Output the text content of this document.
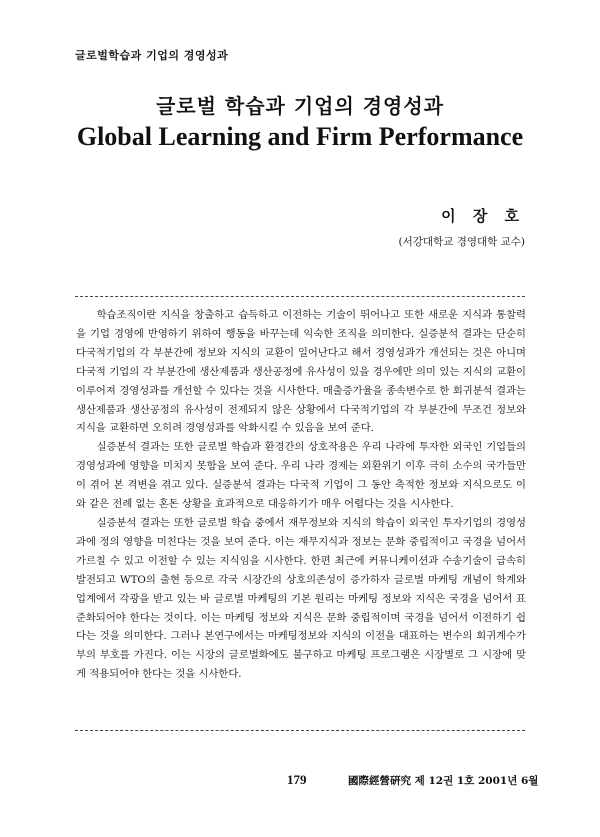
글로벌학습과 기업의 경영성과
글로벌 학습과 기업의 경영성과
Global Learning and Firm Performance
이 장 호
(서강대학교 경영대학 교수)

학습조직이란 지식을 창출하고 습득하고 이전하는 기술이 뛰어나고 또한 새로운 지식과 통찰력을 기업 경영에 반영하기 위하여 행동을 바꾸는데 익숙한 조직을 의미한다. 실증분석 결과는 단순히 다국적기업의 각 부분간에 정보와 지식의 교환이 일어난다고 해서 경영성과가 개선되는 것은 아니며 다국적 기업의 각 부분간에 생산제품과 생산공정에 유사성이 있을 경우에만 의미 있는 지식의 교환이 이루어져 경영성과를 개선할 수 있다는 것을 시사한다. 매출증가율을 종속변수로 한 회귀분석 결과는 생산제품과 생산공정의 유사성이 전제되지 않은 상황에서 다국적기업의 각 부분간에 무조건 정보와 지식을 교환하면 오히려 경영성과를 악화시킬 수 있음을 보여 준다.

실증분석 결과는 또한 글로벌 학습과 환경간의 상호작용은 우리 나라에 투자한 외국인 기업들의 경영성과에 영향을 미치지 못함을 보여 준다. 우리 나라 경제는 외환위기 이후 극히 소수의 국가들만이 겪어 본 격변을 겪고 있다. 실증분석 결과는 다국적 기업이 그 동안 축적한 정보와 지식으로도 이와 같은 전례 없는 혼돈 상황을 효과적으로 대응하기가 매우 어렵다는 것을 시사한다.

실증분석 결과는 또한 글로벌 학습 중에서 재무정보와 지식의 학습이 외국인 투자기업의 경영성과에 정의 영향을 미친다는 것을 보여 준다. 이는 재무지식과 정보는 문화 중립적이고 국경을 넘어서 가르칠 수 있고 이전할 수 있는 지식임을 시사한다. 한편 최근에 커뮤니케이션과 수송기술이 급속히 발전되고 WTO의 출현 등으로 각국 시장간의 상호의존성이 증가하자 글로벌 마케팅 개념이 학계와 업계에서 각광을 받고 있는 바 글로벌 마케팅의 기본 원리는 마케팅 정보와 지식은 국경을 넘어서 표준화되어야 한다는 것이다. 이는 마케팅 정보와 지식은 문화 중립적이며 국경을 넘어서 이전하기 쉽다는 것을 의미한다. 그러나 본연구에서는 마케팅정보와 지식의 이전을 대표하는 변수의 회귀계수가 부의 부호를 가진다. 이는 시장의 글로벌화에도 불구하고 마케팅 프로그램은 시장별로 그 시장에 맞게 적용되어야 한다는 것을 시사한다.

179	國際經營硏究 제 12권 1호 2001년 6월
